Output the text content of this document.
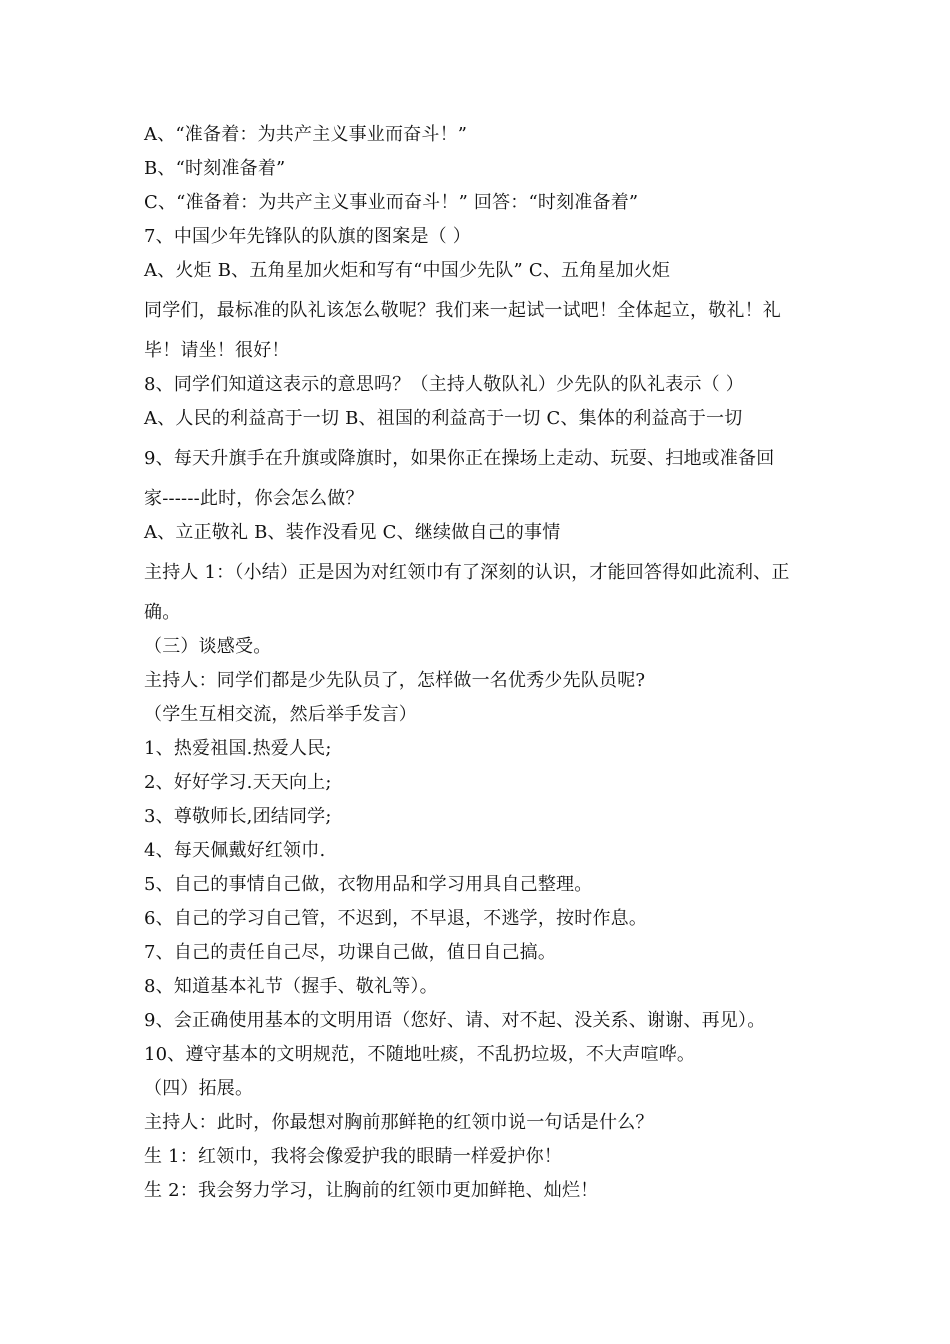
A、“准备着：为共产主义事业而奋斗！”
B、“时刻准备着”
C、“准备着：为共产主义事业而奋斗！” 回答：“时刻准备着”
7、中国少年先锋队的队旗的图案是（ ）
A、火炬 B、五角星加火炬和写有“中国少先队” C、五角星加火炬
同学们，最标准的队礼该怎么敬呢？我们来一起试一试吧！全体起立，敬礼！礼
毕！请坐！很好！
8、同学们知道这表示的意思吗？（主持人敬队礼）少先队的队礼表示（ ）
A、人民的利益高于一切 B、祖国的利益高于一切 C、集体的利益高于一切
9、每天升旗手在升旗或降旗时，如果你正在操场上走动、玩耍、扫地或准备回
家------此时，你会怎么做？
A、立正敬礼 B、装作没看见 C、继续做自己的事情
主持人 1：（小结）正是因为对红领巾有了深刻的认识，才能回答得如此流利、正
确。
（三）谈感受。
主持人：同学们都是少先队员了，怎样做一名优秀少先队员呢?
（学生互相交流，然后举手发言）
1、热爱祖国.热爱人民;
2、好好学习.天天向上;
3、尊敬师长,团结同学;
4、每天佩戴好红领巾.
5、自己的事情自己做，衣物用品和学习用具自己整理。
6、自己的学习自己管，不迟到，不早退，不逃学，按时作息。
7、自己的责任自己尽，功课自己做，值日自己搞。
8、知道基本礼节（握手、敬礼等）。
9、会正确使用基本的文明用语（您好、请、对不起、没关系、谢谢、再见）。
10、遵守基本的文明规范，不随地吐痰，不乱扔垃圾，不大声喧哗。
（四）拓展。
主持人：此时，你最想对胸前那鲜艳的红领巾说一句话是什么？
生 1：红领巾，我将会像爱护我的眼睛一样爱护你！
生 2：我会努力学习，让胸前的红领巾更加鲜艳、灿烂！
